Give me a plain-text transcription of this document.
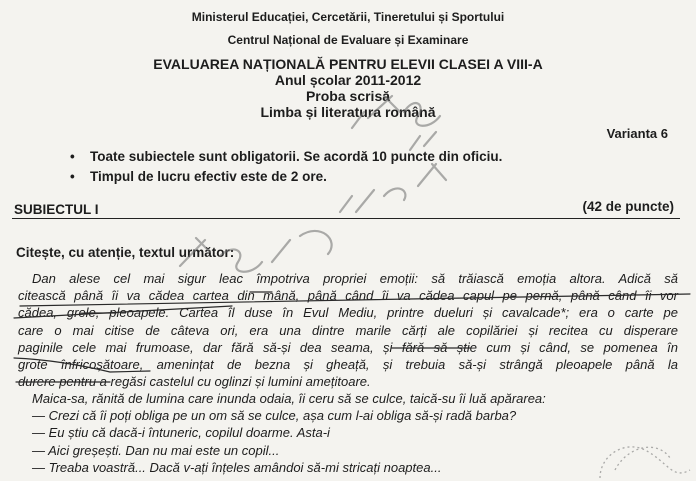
Ministerul Educației, Cercetării, Tineretului și Sportului
Centrul Național de Evaluare și Examinare
EVALUAREA NAȚIONALĂ PENTRU ELEVII CLASEI A VIII-A
Anul școlar 2011-2012
Proba scrisă
Limba și literatura română
Varianta 6
• Toate subiectele sunt obligatorii. Se acordă 10 puncte din oficiu.
• Timpul de lucru efectiv este de 2 ore.
SUBIECTUL I	(42 de puncte)
Citește, cu atenție, textul următor:
Dan alese cel mai sigur leac împotriva propriei emoții: să trăiască emoția altora. Adică să
citească până îi va cădea cartea din mână, până când îi va cădea capul pe pernă, până când îi vor
cădea, grele, pleoapele. Cartea îl duse în Evul Mediu, printre dueluri și cavalcade*; era o carte pe
care o mai citise de câteva ori, era una dintre marile cărți ale copilăriei și recitea cu disperare
paginile cele mai frumoase, dar fără să-și dea seama, și fără să știe cum și când, se pomenea în
grote înfricoșătoare, amenințat de bezna și gheață, și trebuia să-și strângă pleoapele până la
durere pentru a regăsi castelul cu oglinzi și lumini amețitoare.
Maica-sa, rănită de lumina care inunda odaia, îi ceru să se culce, taică-su îi luă apărarea:
— Crezi că îi poți obliga pe un om să se culce, așa cum l-ai obliga să-și radă barba?
— Eu știu că dacă-i întuneric, copilul doarme. Asta-i
— Aici greșești. Dan nu mai este un copil...
— Treaba voastră... Dacă v-ați înțeles amândoi să-mi stricați noaptea...
